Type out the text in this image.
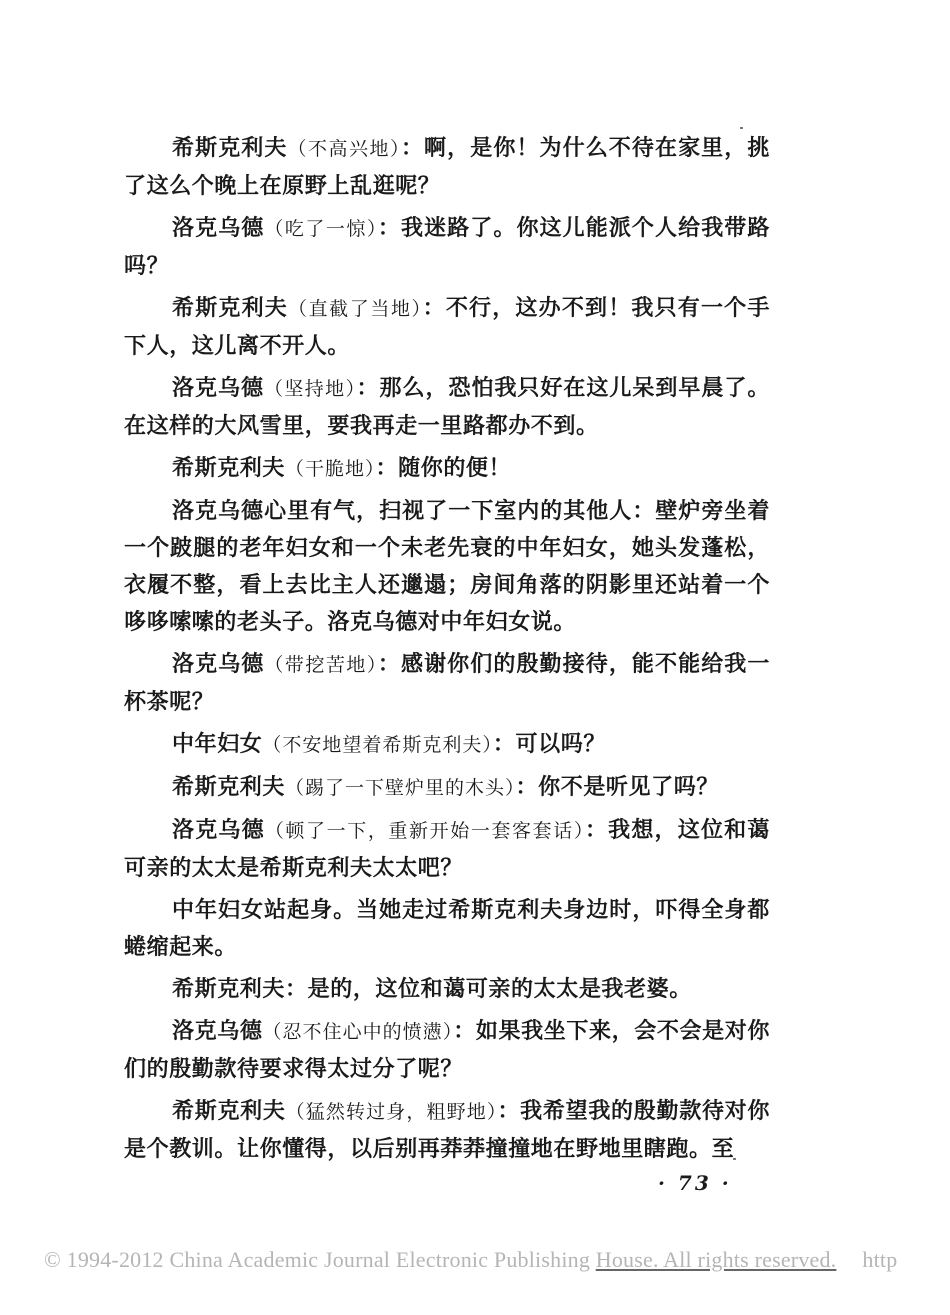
希斯克利夫（不高兴地）：啊，是你！为什么不待在家里，挑了这么个晚上在原野上乱逛呢？

洛克乌德（吃了一惊）：我迷路了。你这儿能派个人给我带路吗？

希斯克利夫（直截了当地）：不行，这办不到！我只有一个手下人，这儿离不开人。

洛克乌德（坚持地）：那么，恐怕我只好在这儿呆到早晨了。在这样的大风雪里，要我再走一里路都办不到。

希斯克利夫（干脆地）：随你的便！

洛克乌德心里有气，扫视了一下室内的其他人：壁炉旁坐着一个跛腿的老年妇女和一个未老先衰的中年妇女，她头发蓬松，衣履不整，看上去比主人还邋遢；房间角落的阴影里还站着一个哆哆嗦嗦的老头子。洛克乌德对中年妇女说。

洛克乌德（带挖苦地）：感谢你们的殷勤接待，能不能给我一杯茶呢？

中年妇女（不安地望着希斯克利夫）：可以吗？

希斯克利夫（踢了一下壁炉里的木头）：你不是听见了吗？

洛克乌德（顿了一下，重新开始一套客套话）：我想，这位和蔼可亲的太太是希斯克利夫太太吧？

中年妇女站起身。当她走过希斯克利夫身边时，吓得全身都蜷缩起来。

希斯克利夫：是的，这位和蔼可亲的太太是我老婆。

洛克乌德（忍不住心中的愤懑）：如果我坐下来，会不会是对你们的殷勤款待要求得太过分了呢？

希斯克利夫（猛然转过身，粗野地）：我希望我的殷勤款待对你是个教训。让你懂得，以后别再莽莽撞撞地在野地里瞎跑。至

· 73 ·
© 1994-2012 China Academic Journal Electronic Publishing House. All rights reserved. http
